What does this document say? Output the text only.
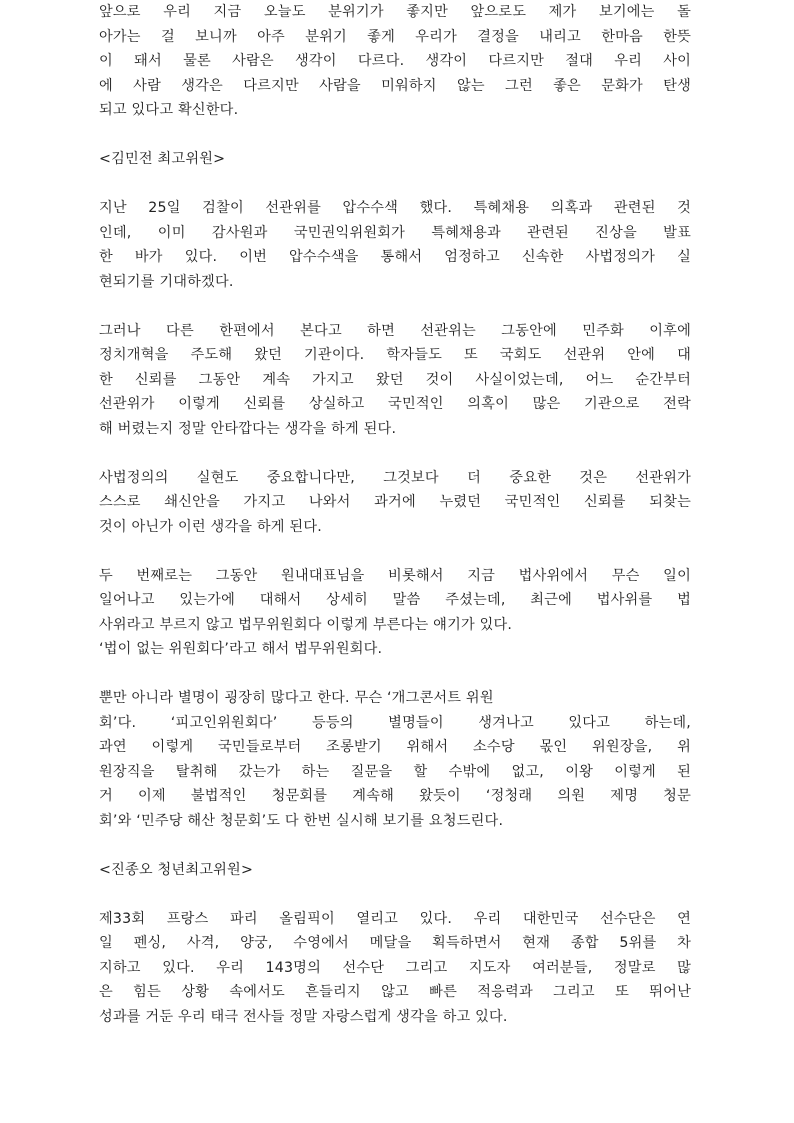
앞으로 우리 지금 오늘도 분위기가 좋지만 앞으로도 제가 보기에는 돌
아가는 걸 보니까 아주 분위기 좋게 우리가 결정을 내리고 한마음 한뜻
이 돼서 물론 사람은 생각이 다르다. 생각이 다르지만 절대 우리 사이
에 사람 생각은 다르지만 사람을 미워하지 않는 그런 좋은 문화가 탄생
되고 있다고 확신한다.
<김민전 최고위원>
지난 25일 검찰이 선관위를 압수수색 했다. 특혜채용 의혹과 관련된 것
인데, 이미 감사원과 국민권익위원회가 특혜채용과 관련된 진상을 발표
한 바가 있다. 이번 압수수색을 통해서 엄정하고 신속한 사법정의가 실
현되기를 기대하겠다.
그러나 다른 한편에서 본다고 하면 선관위는 그동안에 민주화 이후에
정치개혁을 주도해 왔던 기관이다. 학자들도 또 국회도 선관위 안에 대
한 신뢰를 그동안 계속 가지고 왔던 것이 사실이었는데, 어느 순간부터
선관위가 이렇게 신뢰를 상실하고 국민적인 의혹이 많은 기관으로 전락
해 버렸는지 정말 안타깝다는 생각을 하게 된다.
사법정의의 실현도 중요합니다만, 그것보다 더 중요한 것은 선관위가
스스로 쇄신안을 가지고 나와서 과거에 누렸던 국민적인 신뢰를 되찾는
것이 아닌가 이런 생각을 하게 된다.
두 번째로는 그동안 원내대표님을 비롯해서 지금 법사위에서 무슨 일이
일어나고 있는가에 대해서 상세히 말씀 주셨는데, 최근에 법사위를 법
사위라고 부르지 않고 법무위원회다 이렇게 부른다는 얘기가 있다.
‘법이 없는 위원회다’라고 해서 법무위원회다.
뿐만 아니라 별명이 굉장히 많다고 한다. 무슨 ‘개그콘서트 위원
회’다. ‘피고인위원회다’ 등등의 별명들이 생겨나고 있다고 하는데,
과연 이렇게 국민들로부터 조롱받기 위해서 소수당 몫인 위원장을, 위
원장직을 탈취해 갔는가 하는 질문을 할 수밖에 없고, 이왕 이렇게 된
거 이제 불법적인 청문회를 계속해 왔듯이 ‘정청래 의원 제명 청문
회’와 ‘민주당 해산 청문회’도 다 한번 실시해 보기를 요청드린다.
<진종오 청년최고위원>
제33회 프랑스 파리 올림픽이 열리고 있다. 우리 대한민국 선수단은 연
일 펜싱, 사격, 양궁, 수영에서 메달을 획득하면서 현재 종합 5위를 차
지하고 있다. 우리 143명의 선수단 그리고 지도자 여러분들, 정말로 많
은 힘든 상황 속에서도 흔들리지 않고 빠른 적응력과 그리고 또 뛰어난
성과를 거둔 우리 태극 전사들 정말 자랑스럽게 생각을 하고 있다.
